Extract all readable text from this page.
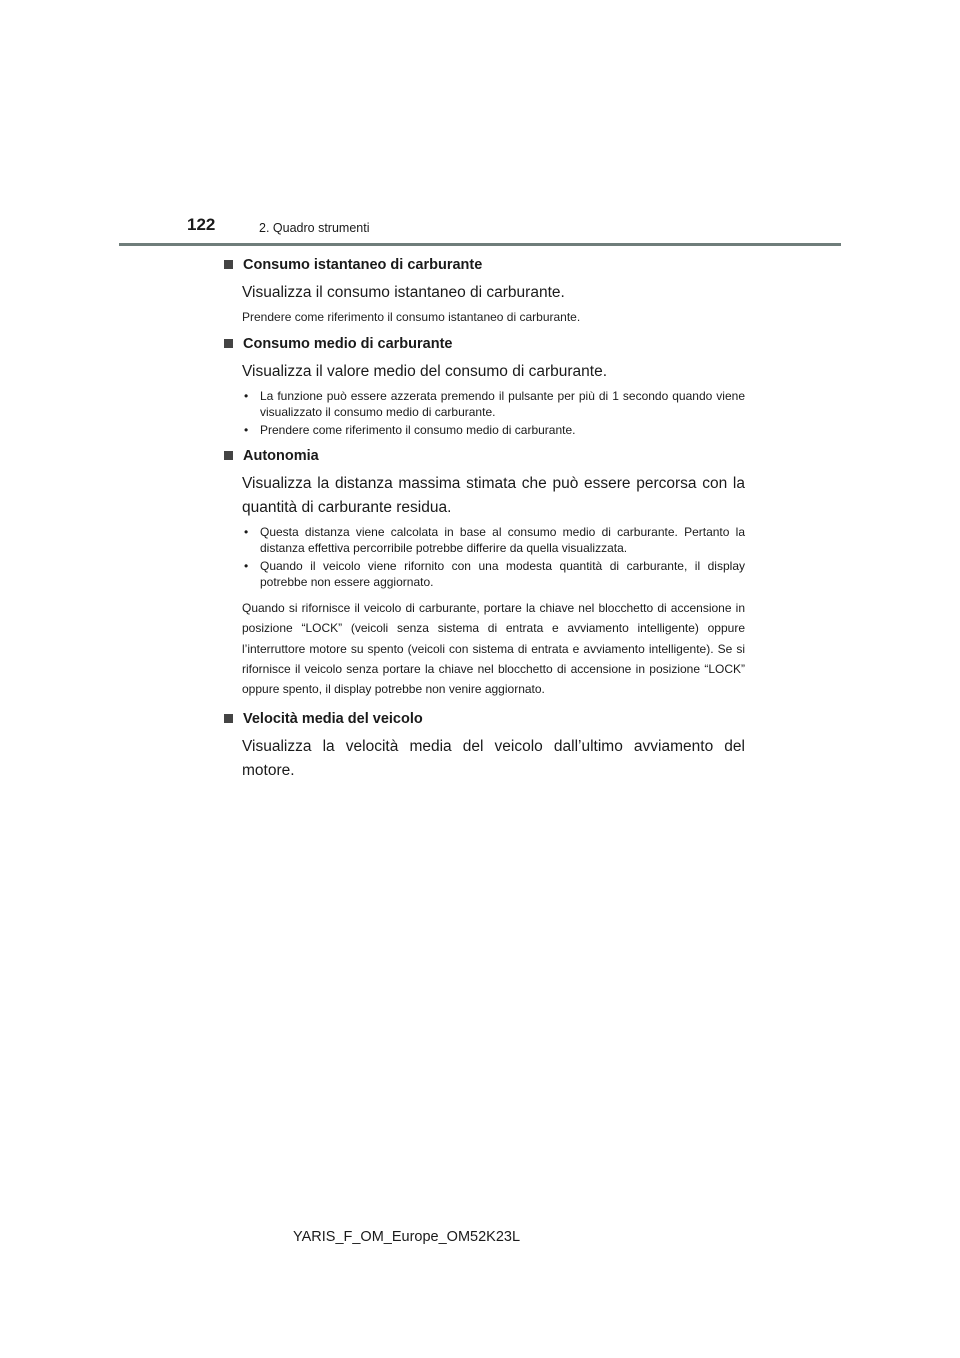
122	2. Quadro strumenti
Consumo istantaneo di carburante

Visualizza il consumo istantaneo di carburante.

Prendere come riferimento il consumo istantaneo di carburante.

Consumo medio di carburante

Visualizza il valore medio del consumo di carburante.

• La funzione può essere azzerata premendo il pulsante per più di 1 secondo quando viene visualizzato il consumo medio di carburante.
• Prendere come riferimento il consumo medio di carburante.
Autonomia

Visualizza la distanza massima stimata che può essere percorsa con la quantità di carburante residua.

• Questa distanza viene calcolata in base al consumo medio di carburante. Pertanto la distanza effettiva percorribile potrebbe differire da quella visualizzata.
• Quando il veicolo viene rifornito con una modesta quantità di carburante, il display potrebbe non essere aggiornato.

Quando si rifornisce il veicolo di carburante, portare la chiave nel blocchetto di accensione in posizione “LOCK” (veicoli senza sistema di entrata e avviamento intelligente) oppure l’interruttore motore su spento (veicoli con sistema di entrata e avviamento intelligente). Se si rifornisce il veicolo senza portare la chiave nel blocchetto di accensione in posizione “LOCK” oppure spento, il display potrebbe non venire aggiornato.

Velocità media del veicolo

Visualizza la velocità media del veicolo dall’ultimo avviamento del motore.

YARIS_F_OM_Europe_OM52K23L
